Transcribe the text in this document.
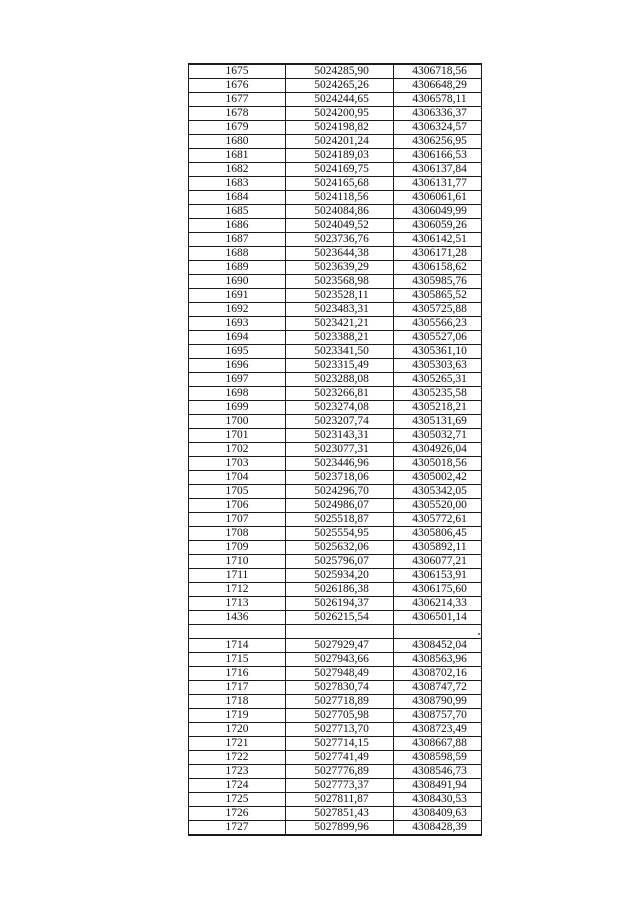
1675	5024285,90	4306718,56
1676	5024265,26	4306648,29
1677	5024244,65	4306578,11
1678	5024200,95	4306336,37
1679	5024198,82	4306324,57
1680	5024201,24	4306256,95
1681	5024189,03	4306166,53
1682	5024169,75	4306137,84
1683	5024165,68	4306131,77
1684	5024118,56	4306061,61
1685	5024084,86	4306049,99
1686	5024049,52	4306059,26
1687	5023736,76	4306142,51
1688	5023644,38	4306171,28
1689	5023639,29	4306158,62
1690	5023568,98	4305985,76
1691	5023528,11	4305865,52
1692	5023483,31	4305725,88
1693	5023421,21	4305566,23
1694	5023388,21	4305527,06
1695	5023341,50	4305361,10
1696	5023315,49	4305303,63
1697	5023288,08	4305265,31
1698	5023266,81	4305235,58
1699	5023274,08	4305218,21
1700	5023207,74	4305131,69
1701	5023143,31	4305032,71
1702	5023077,31	4304926,04
1703	5023446,96	4305018,56
1704	5023718,06	4305002,42
1705	5024296,70	4305342,05
1706	5024986,07	4305520,00
1707	5025518,87	4305772,61
1708	5025554,95	4305806,45
1709	5025632,06	4305892,11
1710	5025796,07	4306077,21
1711	5025934,20	4306153,91
1712	5026186,38	4306175,60
1713	5026194,37	4306214,33
1436	5026215,54	4306501,14

1714	5027929,47	4308452,04
1715	5027943,66	4308563,96
1716	5027948,49	4308702,16
1717	5027830,74	4308747,72
1718	5027718,89	4308790,99
1719	5027705,98	4308757,70
1720	5027713,70	4308723,49
1721	5027714,15	4308667,88
1722	5027741,49	4308598,59
1723	5027776,89	4308546,73
1724	5027773,37	4308491,94
1725	5027811,87	4308430,53
1726	5027851,43	4308409,63
1727	5027899,96	4308428,39
